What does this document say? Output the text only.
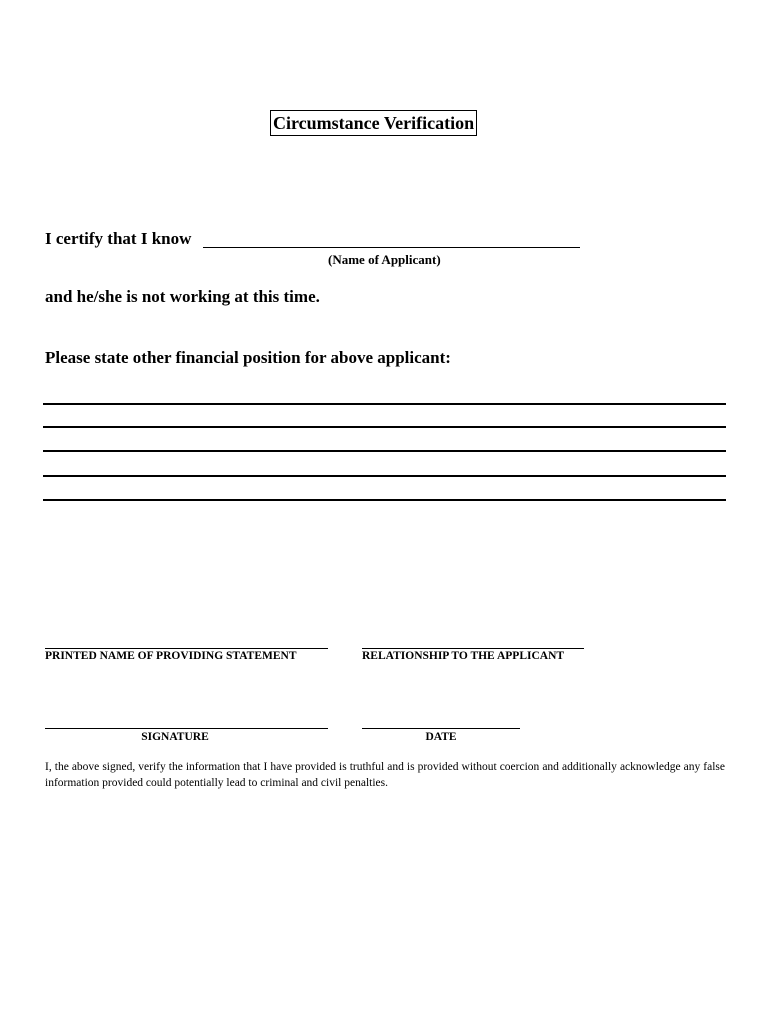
Circumstance Verification
I certify that I know
(Name of Applicant)
and he/she is not working at this time.
Please state other financial position for above applicant:
PRINTED NAME OF PROVIDING STATEMENT	RELATIONSHIP TO THE APPLICANT
SIGNATURE	DATE
I, the above signed, verify the information that I have provided is truthful and is provided without coercion and additionally acknowledge any false information provided could potentially lead to criminal and civil penalties.
